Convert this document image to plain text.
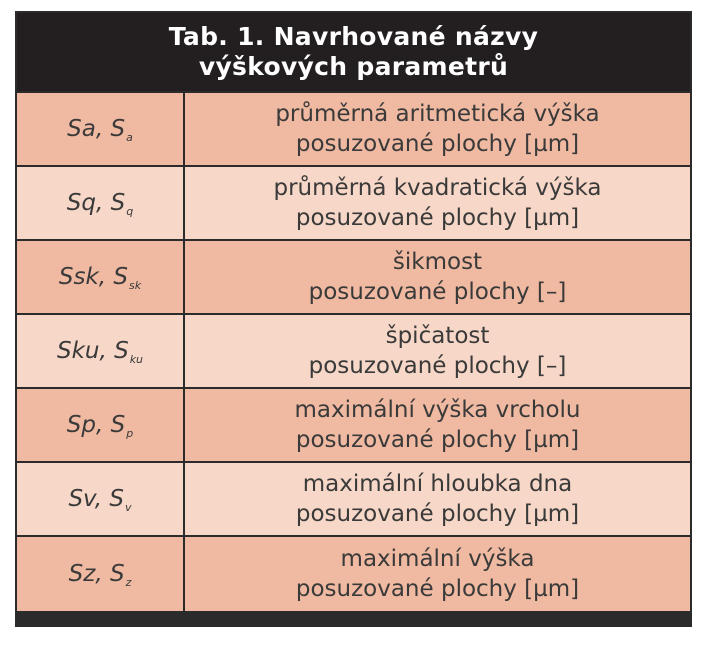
Tab. 1. Navrhované názvy
výškových parametrů
Sa, S a
průměrná aritmetická výška
posuzované plochy [µm]
Sq, S q
průměrná kvadratická výška
posuzované plochy [µm]
Ssk, S sk
šikmost
posuzované plochy [–]
Sku, S ku
špičatost
posuzované plochy [–]
Sp, S p
maximální výška vrcholu
posuzované plochy [µm]
Sv, S v
maximální hloubka dna
posuzované plochy [µm]
Sz, S z
maximální výška
posuzované plochy [µm]
